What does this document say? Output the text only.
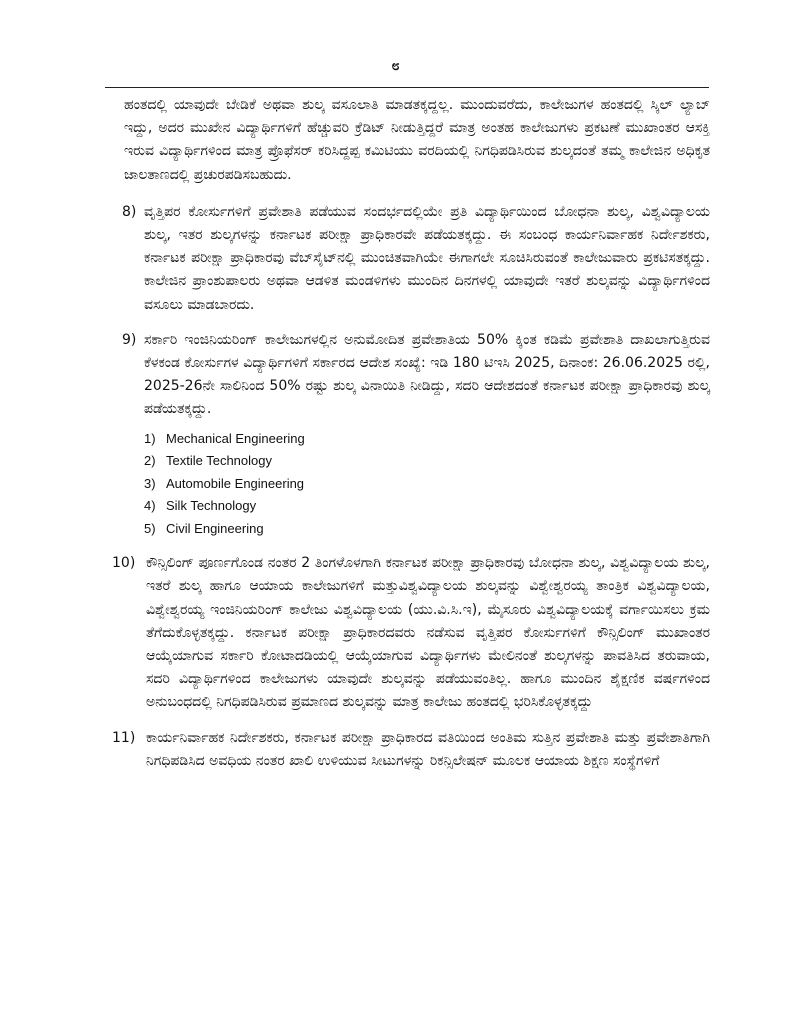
೮

ಹಂತದಲ್ಲಿ ಯಾವುದೇ ಬೇಡಿಕೆ ಅಥವಾ ಶುಲ್ಕ ವಸೂಲಾತಿ ಮಾಡತಕ್ಕದ್ದಲ್ಲ. ಮುಂದುವರೆದು, ಕಾಲೇಜುಗಳ ಹಂತದಲ್ಲಿ ಸ್ಕಿಲ್ ಲ್ಯಾಬ್ ಇದ್ದು, ಅದರ ಮುಖೇನ ವಿದ್ಯಾರ್ಥಿಗಳಿಗೆ ಹೆಚ್ಚುವರಿ ಕ್ರೆಡಿಟ್ ನೀಡುತ್ತಿದ್ದರೆ ಮಾತ್ರ ಅಂತಹ ಕಾಲೇಜುಗಳು ಪ್ರಕಟಣೆ ಮುಖಾಂತರ ಆಸಕ್ತಿ ಇರುವ ವಿದ್ಯಾರ್ಥಿಗಳಿಂದ ಮಾತ್ರ ಪ್ರೊಫೆಸರ್ ಕರಿಸಿದ್ದಪ್ಪ ಕಮಿಟಿಯು ವರದಿಯಲ್ಲಿ ನಿಗಧಿಪಡಿಸಿರುವ ಶುಲ್ಕದಂತೆ ತಮ್ಮ ಕಾಲೇಜಿನ ಅಧಿಕೃತ ಜಾಲತಾಣದಲ್ಲಿ ಪ್ರಚುರಪಡಿಸಬಹುದು.

8) ವೃತ್ತಿಪರ ಕೋರ್ಸುಗಳಿಗೆ ಪ್ರವೇಶಾತಿ ಪಡೆಯುವ ಸಂದರ್ಭದಲ್ಲಿಯೇ ಪ್ರತಿ ವಿದ್ಯಾರ್ಥಿಯಿಂದ ಬೋಧನಾ ಶುಲ್ಕ, ವಿಶ್ವವಿದ್ಯಾಲಯ ಶುಲ್ಕ, ಇತರ ಶುಲ್ಕಗಳನ್ನು ಕರ್ನಾಟಕ ಪರೀಕ್ಷಾ ಪ್ರಾಧಿಕಾರವೇ ಪಡೆಯತಕ್ಕದ್ದು. ಈ ಸಂಬಂಧ ಕಾರ್ಯನಿರ್ವಾಹಕ ನಿರ್ದೇಶಕರು, ಕರ್ನಾಟಕ ಪರೀಕ್ಷಾ ಪ್ರಾಧಿಕಾರವು ವೆಬ್‌ಸೈಟ್‌ನಲ್ಲಿ ಮುಂಚಿತವಾಗಿಯೇ ಈಗಾಗಲೇ ಸೂಚಿಸಿರುವಂತೆ ಕಾಲೇಜುವಾರು ಪ್ರಕಟಿಸತಕ್ಕದ್ದು. ಕಾಲೇಜಿನ ಪ್ರಾಂಶುಪಾಲರು ಅಥವಾ ಆಡಳಿತ ಮಂಡಳಿಗಳು ಮುಂದಿನ ದಿನಗಳಲ್ಲಿ ಯಾವುದೇ ಇತರೆ ಶುಲ್ಕವನ್ನು ವಿದ್ಯಾರ್ಥಿಗಳಿಂದ ವಸೂಲು ಮಾಡಬಾರದು.
9) ಸರ್ಕಾರಿ ಇಂಜಿನಿಯರಿಂಗ್ ಕಾಲೇಜುಗಳಲ್ಲಿನ ಅನುಮೋದಿತ ಪ್ರವೇಶಾತಿಯ 50% ಕ್ಕಿಂತ ಕಡಿಮೆ ಪ್ರವೇಶಾತಿ ದಾಖಲಾಗುತ್ತಿರುವ ಕೆಳಕಂಡ ಕೋರ್ಸುಗಳ ವಿದ್ಯಾರ್ಥಿಗಳಿಗೆ ಸರ್ಕಾರದ ಆದೇಶ ಸಂಖ್ಯೆ: ಇಡಿ 180 ಟಿಇಸಿ 2025, ದಿನಾಂಕ: 26.06.2025 ರಲ್ಲಿ, 2025-26ನೇ ಸಾಲಿನಿಂದ 50% ರಷ್ಟು ಶುಲ್ಕ ವಿನಾಯಿತಿ ನೀಡಿದ್ದು, ಸದರಿ ಆದೇಶದಂತೆ ಕರ್ನಾಟಕ ಪರೀಕ್ಷಾ ಪ್ರಾಧಿಕಾರವು ಶುಲ್ಕ ಪಡೆಯತಕ್ಕದ್ದು.
1) Mechanical Engineering
2) Textile Technology
3) Automobile Engineering
4) Silk Technology
5) Civil Engineering
10) ಕೌನ್ಸಿಲಿಂಗ್ ಪೂರ್ಣಗೊಂಡ ನಂತರ 2 ತಿಂಗಳೊಳಗಾಗಿ ಕರ್ನಾಟಕ ಪರೀಕ್ಷಾ ಪ್ರಾಧಿಕಾರವು ಬೋಧನಾ ಶುಲ್ಕ, ವಿಶ್ವವಿದ್ಯಾಲಯ ಶುಲ್ಕ, ಇತರೆ ಶುಲ್ಕ ಹಾಗೂ ಆಯಾಯ ಕಾಲೇಜುಗಳಿಗೆ ಮತ್ತುವಿಶ್ವವಿದ್ಯಾಲಯ ಶುಲ್ಕವನ್ನು ವಿಶ್ವೇಶ್ವರಯ್ಯ ತಾಂತ್ರಿಕ ವಿಶ್ವವಿದ್ಯಾಲಯ, ವಿಶ್ವೇಶ್ವರಯ್ಯ ಇಂಜಿನಿಯರಿಂಗ್ ಕಾಲೇಜು ವಿಶ್ವವಿದ್ಯಾಲಯ (ಯು.ವಿ.ಸಿ.ಇ), ಮೈಸೂರು ವಿಶ್ವವಿದ್ಯಾಲಯಕ್ಕೆ ವರ್ಗಾಯಿಸಲು ಕ್ರಮ ತೆಗೆದುಕೊಳ್ಳತಕ್ಕದ್ದು. ಕರ್ನಾಟಕ ಪರೀಕ್ಷಾ ಪ್ರಾಧಿಕಾರದವರು ನಡೆಸುವ ವೃತ್ತಿಪರ ಕೋರ್ಸುಗಳಿಗೆ ಕೌನ್ಸಿಲಿಂಗ್ ಮುಖಾಂತರ ಆಯ್ಕೆಯಾಗುವ ಸರ್ಕಾರಿ ಕೋಟಾದಡಿಯಲ್ಲಿ ಆಯ್ಕೆಯಾಗುವ ವಿದ್ಯಾರ್ಥಿಗಳು ಮೇಲಿನಂತೆ ಶುಲ್ಕಗಳನ್ನು ಪಾವತಿಸಿದ ತರುವಾಯ, ಸದರಿ ವಿದ್ಯಾರ್ಥಿಗಳಿಂದ ಕಾಲೇಜುಗಳು ಯಾವುದೇ ಶುಲ್ಕವನ್ನು ಪಡೆಯುವಂತಿಲ್ಲ. ಹಾಗೂ ಮುಂದಿನ ಶೈಕ್ಷಣಿಕ ವರ್ಷಗಳಿಂದ ಅನುಬಂಧದಲ್ಲಿ ನಿಗಧಿಪಡಿಸಿರುವ ಪ್ರಮಾಣದ ಶುಲ್ಕವನ್ನು ಮಾತ್ರ ಕಾಲೇಜು ಹಂತದಲ್ಲಿ ಭರಿಸಿಕೊಳ್ಳತಕ್ಕದ್ದು
11) ಕಾರ್ಯನಿರ್ವಾಹಕ ನಿರ್ದೇಶಕರು, ಕರ್ನಾಟಕ ಪರೀಕ್ಷಾ ಪ್ರಾಧಿಕಾರದ ವತಿಯಿಂದ ಅಂತಿಮ ಸುತ್ತಿನ ಪ್ರವೇಶಾತಿ ಮತ್ತು ಪ್ರವೇಶಾತಿಗಾಗಿ ನಿಗಧಿಪಡಿಸಿದ ಅವಧಿಯ ನಂತರ ಖಾಲಿ ಉಳಿಯುವ ಸೀಟುಗಳನ್ನು ರಿಕನ್ಸಿಲೇಷನ್ ಮೂಲಕ ಆಯಾಯ ಶಿಕ್ಷಣ ಸಂಸ್ಥೆಗಳಿಗೆ
